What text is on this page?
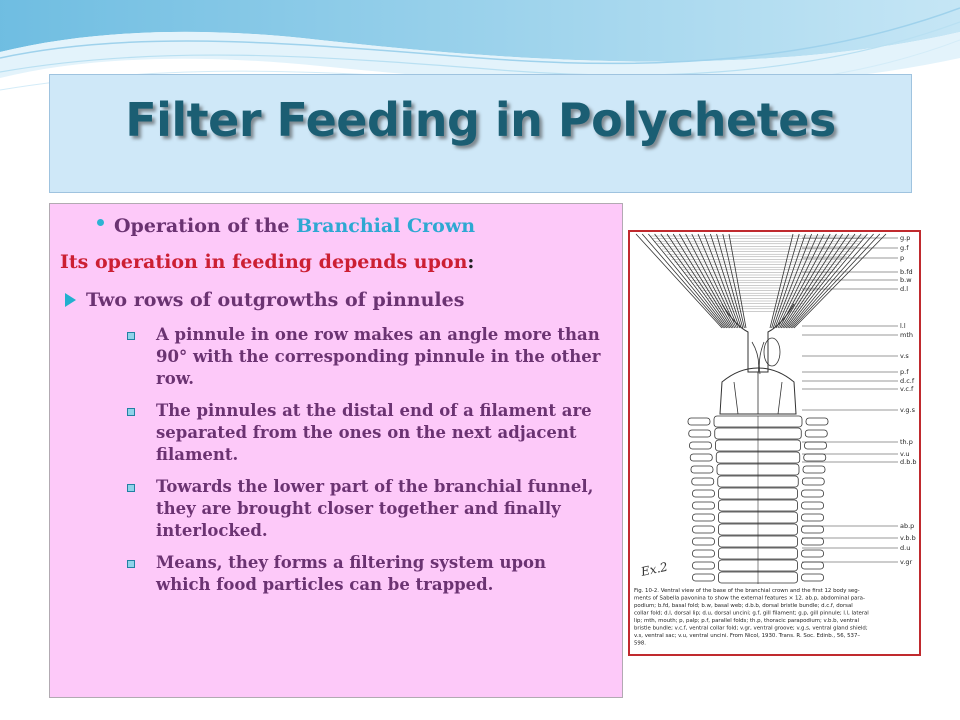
Filter Feeding in Polychetes
Operation of the Branchial Crown
Its operation in feeding depends upon:
Two rows of outgrowths of pinnules
A pinnule in one row makes an angle more than 90° with the corresponding pinnule in the other row.
The pinnules at the distal end of a filament are separated from the ones on the next adjacent filament.
Towards the lower part of the branchial funnel, they are brought closer together and finally interlocked.
Means, they forms a filtering system upon which food particles can be trapped.
g.p
g.f
p
b.fd
b.w
d.l
l.l
mth
v.s
p.f
d.c.f
v.c.f
v.g.s
th.p
v.u
d.b.b
ab.p
v.b.b
d.u
v.gr
Ex.2
Fig. 10-2. Ventral view of the base of the branchial crown and the first 12 body seg-
ments of Sabella pavonina to show the external features × 12. ab.p, abdominal para-
podium; b.fd, basal fold; b.w, basal web; d.b.b, dorsal bristle bundle; d.c.f, dorsal
collar fold; d.l, dorsal lip; d.u, dorsal uncini; g.f, gill filament; g.p, gill pinnule; l.l, lateral
lip; mth, mouth; p, palp; p.f, parallel folds; th.p, thoracic parapodium; v.b.b, ventral
bristle bundle; v.c.f, ventral collar fold; v.gr, ventral groove; v.g.s, ventral gland shield;
v.s, ventral sac; v.u, ventral uncini. From Nicol, 1930. Trans. R. Soc. Edinb., 56, 537–
598.
